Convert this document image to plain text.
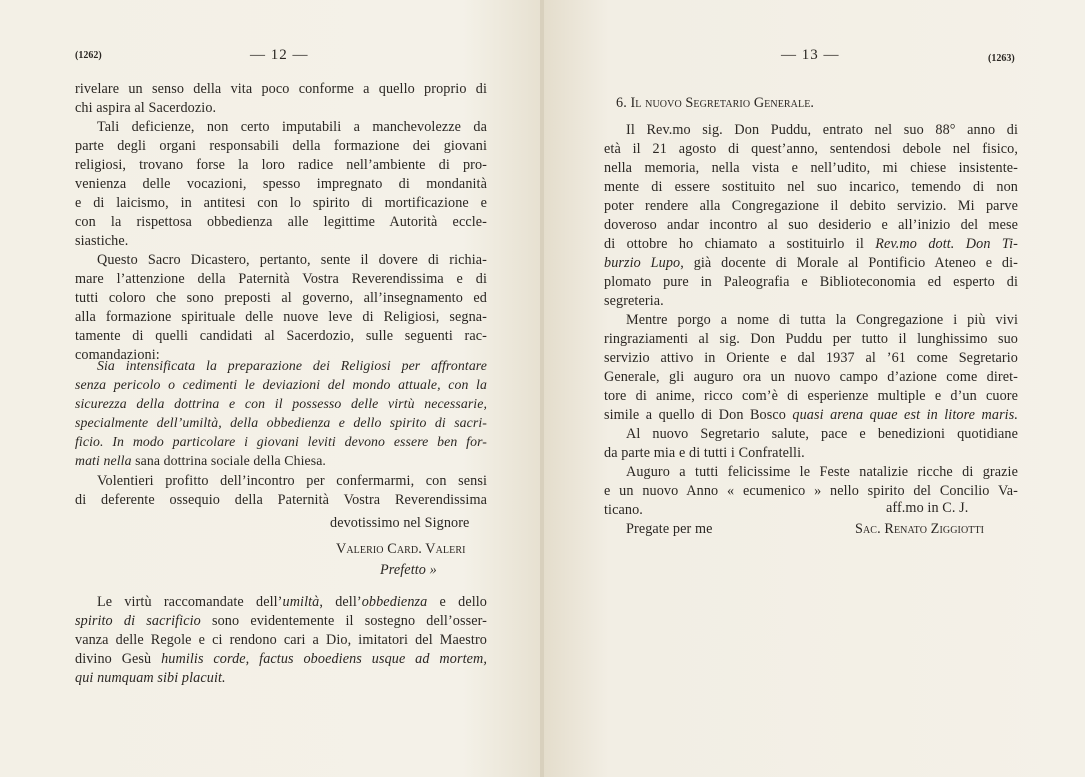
(1262)	— 12 —
rivelare un senso della vita poco conforme a quello proprio di
chi aspira al Sacerdozio.
Tali deficienze, non certo imputabili a manchevolezze da
parte degli organi responsabili della formazione dei giovani
religiosi, trovano forse la loro radice nell’ambiente di pro-
venienza delle vocazioni, spesso impregnato di mondanità
e di laicismo, in antitesi con lo spirito di mortificazione e
con la rispettosa obbedienza alle legittime Autorità eccle-
siastiche.
Questo Sacro Dicastero, pertanto, sente il dovere di richia-
mare l’attenzione della Paternità Vostra Reverendissima e di
tutti coloro che sono preposti al governo, all’insegnamento ed
alla formazione spirituale delle nuove leve di Religiosi, segna-
tamente di quelli candidati al Sacerdozio, sulle seguenti rac-
comandazioni:
Sia intensificata la preparazione dei Religiosi per affrontare
senza pericolo o cedimenti le deviazioni del mondo attuale, con la
sicurezza della dottrina e con il possesso delle virtù necessarie,
specialmente dell’umiltà, della obbedienza e dello spirito di sacri-
ficio. In modo particolare i giovani leviti devono essere ben for-
mati nella sana dottrina sociale della Chiesa.
Volentieri profitto dell’incontro per confermarmi, con sensi
di deferente ossequio della Paternità Vostra Reverendissima
devotissimo nel Signore
Valerio Card. Valeri
Prefetto »
Le virtù raccomandate dell’umiltà, dell’obbedienza e dello
spirito di sacrificio sono evidentemente il sostegno dell’osser-
vanza delle Regole e ci rendono cari a Dio, imitatori del Maestro
divino Gesù humilis corde, factus oboediens usque ad mortem,
qui numquam sibi placuit.
— 13 —	(1263)
6. Il nuovo Segretario Generale.
Il Rev.mo sig. Don Puddu, entrato nel suo 88° anno di
età il 21 agosto di quest’anno, sentendosi debole nel fisico,
nella memoria, nella vista e nell’udito, mi chiese insistente-
mente di essere sostituito nel suo incarico, temendo di non
poter rendere alla Congregazione il debito servizio. Mi parve
doveroso andar incontro al suo desiderio e all’inizio del mese
di ottobre ho chiamato a sostituirlo il Rev.mo dott. Don Ti-
burzio Lupo, già docente di Morale al Pontificio Ateneo e di-
plomato pure in Paleografia e Biblioteconomia ed esperto di
segreteria.
Mentre porgo a nome di tutta la Congregazione i più vivi
ringraziamenti al sig. Don Puddu per tutto il lunghissimo suo
servizio attivo in Oriente e dal 1937 al ’61 come Segretario
Generale, gli auguro ora un nuovo campo d’azione come diret-
tore di anime, ricco com’è di esperienze multiple e d’un cuore
simile a quello di Don Bosco quasi arena quae est in litore maris.
Al nuovo Segretario salute, pace e benedizioni quotidiane
da parte mia e di tutti i Confratelli.
Auguro a tutti felicissime le Feste natalizie ricche di grazie
e un nuovo Anno « ecumenico » nello spirito del Concilio Va-
ticano.
Pregate per me
aff.mo in C. J.
Sac. Renato Ziggiotti
